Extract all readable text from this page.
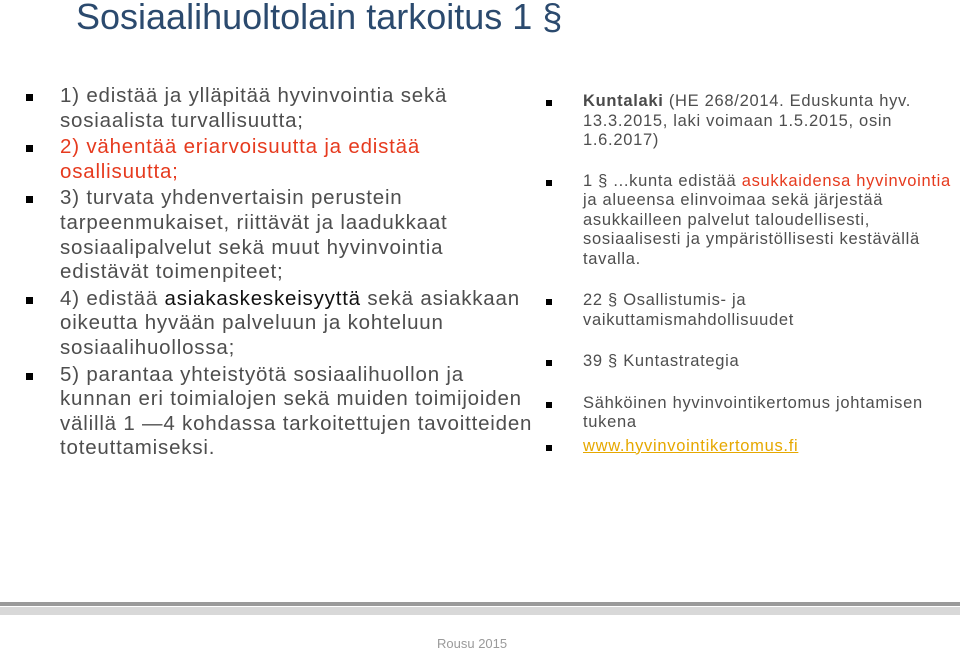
Sosiaalihuoltolain tarkoitus 1 §
1) edistää ja ylläpitää hyvinvointia sekä sosiaalista turvallisuutta;
2) vähentää eriarvoisuutta ja edistää osallisuutta;
3) turvata yhdenvertaisin perustein tarpeenmukaiset, riittävät ja laadukkaat sosiaalipalvelut sekä muut hyvinvointia edistävät toimenpiteet;
4) edistää asiakaskeskeisyyttä sekä asiakkaan oikeutta hyvään palveluun ja kohteluun sosiaalihuollossa;
5) parantaa yhteistyötä sosiaalihuollon ja kunnan eri toimialojen sekä muiden toimijoiden välillä 1 —4 kohdassa tarkoitettujen tavoitteiden toteuttamiseksi.
Kuntalaki (HE 268/2014. Eduskunta hyv. 13.3.2015, laki voimaan 1.5.2015, osin 1.6.2017)
1 § ...kunta edistää asukkaidensa hyvinvointia ja alueensa elinvoimaa sekä järjestää asukkailleen palvelut taloudellisesti, sosiaalisesti ja ympäristöllisesti kestävällä tavalla.
22 § Osallistumis- ja vaikuttamismahdollisuudet
39 § Kuntastrategia
Sähköinen hyvinvointikertomus johtamisen tukena
www.hyvinvointikertomus.fi
Rousu 2015
